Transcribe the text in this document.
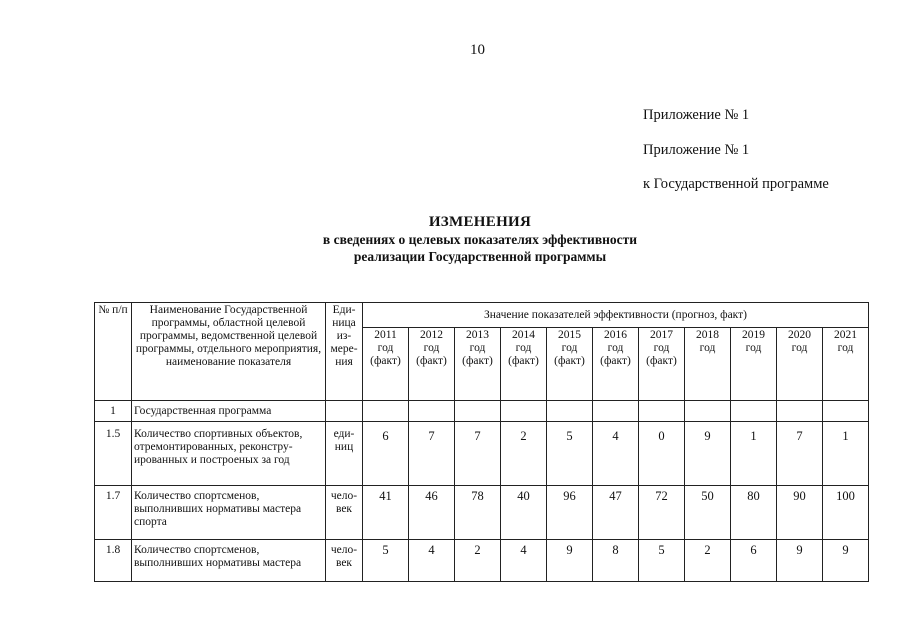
10
Приложение № 1
Приложение № 1
к Государственной программе
ИЗМЕНЕНИЯ
в сведениях о целевых показателях эффективности
реализации Государственной программы
№ п/п	Наименование Государственной программы, областной целевой программы, ведомственной целевой программы, отдельного мероприятия, наименование показателя	Еди-ница из-мере-ния	Значение показателей эффективности (прогноз, факт)										
			2011 год (факт)	2012 год (факт)	2013 год (факт)	2014 год (факт)	2015 год (факт)	2016 год (факт)	2017 год (факт)	2018 год	2019 год	2020 год	2021 год
1	Государственная программа												
1.5	Количество спортивных объектов, отремонтированных, реконстру-ированных и построеных за год	еди-ниц	6	7	7	2	5	4	0	9	1	7	1
1.7	Количество спортсменов, выполнивших нормативы мастера спорта	чело-век	41	46	78	40	96	47	72	50	80	90	100
1.8	Количество спортсменов, выполнивших нормативы мастера	чело-век	5	4	2	4	9	8	5	2	6	9	9
